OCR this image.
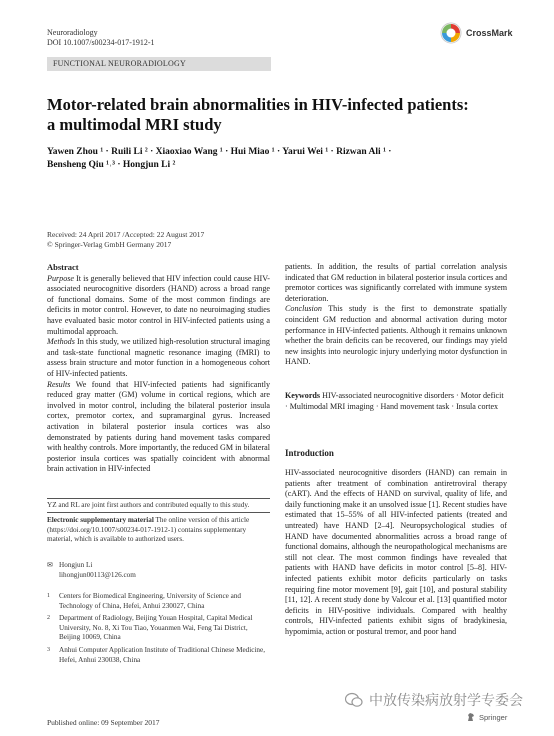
Neuroradiology
DOI 10.1007/s00234-017-1912-1
CrossMark
FUNCTIONAL NEURORADIOLOGY
Motor-related brain abnormalities in HIV-infected patients:
a multimodal MRI study
Yawen Zhou ¹ · Ruili Li ² · Xiaoxiao Wang ¹ · Hui Miao ¹ · Yarui Wei ¹ · Rizwan Ali ¹ ·
Bensheng Qiu ¹˒³ · Hongjun Li ²
Received: 24 April 2017 /Accepted: 22 August 2017
© Springer-Verlag GmbH Germany 2017

Abstract

Purpose It is generally believed that HIV infection could cause HIV-associated neurocognitive disorders (HAND) across a broad range of functional domains. Some of the most common findings are deficits in motor control. However, to date no neuroimaging studies have evaluated basic motor control in HIV-infected patients using a multimodal approach.

Methods In this study, we utilized high-resolution structural imaging and task-state functional magnetic resonance imaging (fMRI) to assess brain structure and motor function in a homogeneous cohort of HIV-infected patients.

Results We found that HIV-infected patients had significantly reduced gray matter (GM) volume in cortical regions, which are involved in motor control, including the bilateral posterior insula cortex, premotor cortex, and supramarginal gyrus. Increased activation in bilateral posterior insula cortices was also demonstrated by patients during hand movement tasks compared with healthy controls. More importantly, the reduced GM in bilateral posterior insula cortices was spatially coincident with abnormal brain activation in HIV-infected

patients. In addition, the results of partial correlation analysis indicated that GM reduction in bilateral posterior insula cortices and premotor cortices was significantly correlated with immune system deterioration.

Conclusion This study is the first to demonstrate spatially coincident GM reduction and abnormal activation during motor performance in HIV-infected patients. Although it remains unknown whether the brain deficits can be recovered, our findings may yield new insights into neurologic injury underlying motor dysfunction in HAND.

Keywords HIV-associated neurocognitive disorders · Motor deficit · Multimodal MRI imaging · Hand movement task · Insula cortex
Introduction
HIV-associated neurocognitive disorders (HAND) can remain in patients after treatment of combination antiretroviral therapy (cART). And the effects of HAND on survival, quality of life, and daily functioning make it an unsolved issue [1]. Recent studies have estimated that 15–55% of all HIV-infected patients (treated and untreated) have HAND [2–4]. Neuropsychological studies of HAND have documented abnormalities across a broad range of functional domains, although the neuropathological mechanisms are still not clear. The most common findings have revealed that patients with HAND have deficits in motor control [5–8]. HIV-infected patients exhibit motor deficits particularly on tasks requiring fine motor movement [9], gait [10], and postural stability [11, 12]. A recent study done by Valcour et al. [13] quantified motor deficits in HIV-positive individuals. Compared with healthy controls, HIV-infected patients exhibit signs of bradykinesia, hypomimia, action or postural tremor, and poor hand
YZ and RL are joint first authors and contributed equally to this study.
Electronic supplementary material The online version of this article (https://doi.org/10.1007/s00234-017-1912-1) contains supplementary material, which is available to authorized users.
✉ Hongjun Li
lihongjun00113@126.com
1	Centers for Biomedical Engineering, University of Science and Technology of China, Hefei, Anhui 230027, China
2	Department of Radiology, Beijing Youan Hospital, Capital Medical University, No. 8, Xi Tou Tiao, Youanmen Wai, Feng Tai District, Beijing 10069, China
3	Anhui Computer Application Institute of Traditional Chinese Medicine, Hefei, Anhui 230038, China
Published online: 09 September 2017
中放传染病放射学专委会
Springer
